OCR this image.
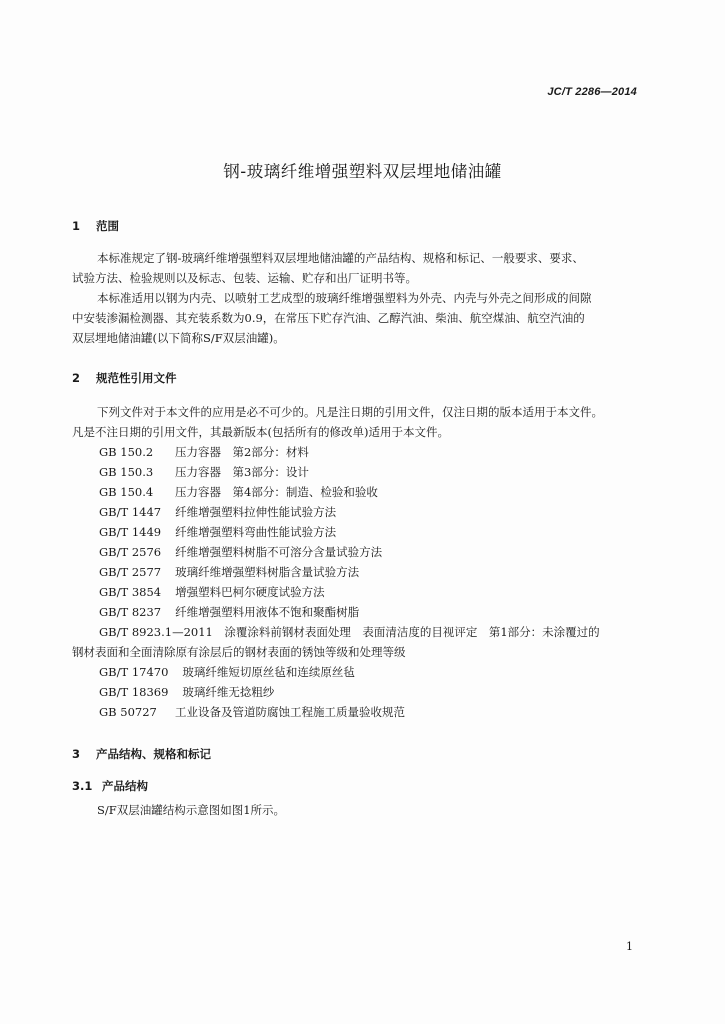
JC/T 2286—2014
钢-玻璃纤维增强塑料双层埋地储油罐
1 范围
本标准规定了钢-玻璃纤维增强塑料双层埋地储油罐的产品结构、规格和标记、一般要求、要求、
试验方法、检验规则以及标志、包装、运输、贮存和出厂证明书等。
本标准适用以钢为内壳、以喷射工艺成型的玻璃纤维增强塑料为外壳、内壳与外壳之间形成的间隙
中安装渗漏检测器、其充装系数为0.9，在常压下贮存汽油、乙醇汽油、柴油、航空煤油、航空汽油的
双层埋地储油罐(以下简称S/F双层油罐)。
2 规范性引用文件
下列文件对于本文件的应用是必不可少的。凡是注日期的引用文件，仅注日期的版本适用于本文件。
凡是不注日期的引用文件，其最新版本(包括所有的修改单)适用于本文件。
GB 150.2 压力容器　第2部分：材料
GB 150.3 压力容器　第3部分：设计
GB 150.4 压力容器　第4部分：制造、检验和验收
GB/T 1447 纤维增强塑料拉伸性能试验方法
GB/T 1449 纤维增强塑料弯曲性能试验方法
GB/T 2576 纤维增强塑料树脂不可溶分含量试验方法
GB/T 2577 玻璃纤维增强塑料树脂含量试验方法
GB/T 3854 增强塑料巴柯尔硬度试验方法
GB/T 8237 纤维增强塑料用液体不饱和聚酯树脂
GB/T 8923.1—2011　涂覆涂料前钢材表面处理　表面清洁度的目视评定　第1部分：未涂覆过的
钢材表面和全面清除原有涂层后的钢材表面的锈蚀等级和处理等级
GB/T 17470 玻璃纤维短切原丝毡和连续原丝毡
GB/T 18369 玻璃纤维无捻粗纱
GB 50727 工业设备及管道防腐蚀工程施工质量验收规范
3 产品结构、规格和标记
3.1 产品结构
S/F双层油罐结构示意图如图1所示。
1
